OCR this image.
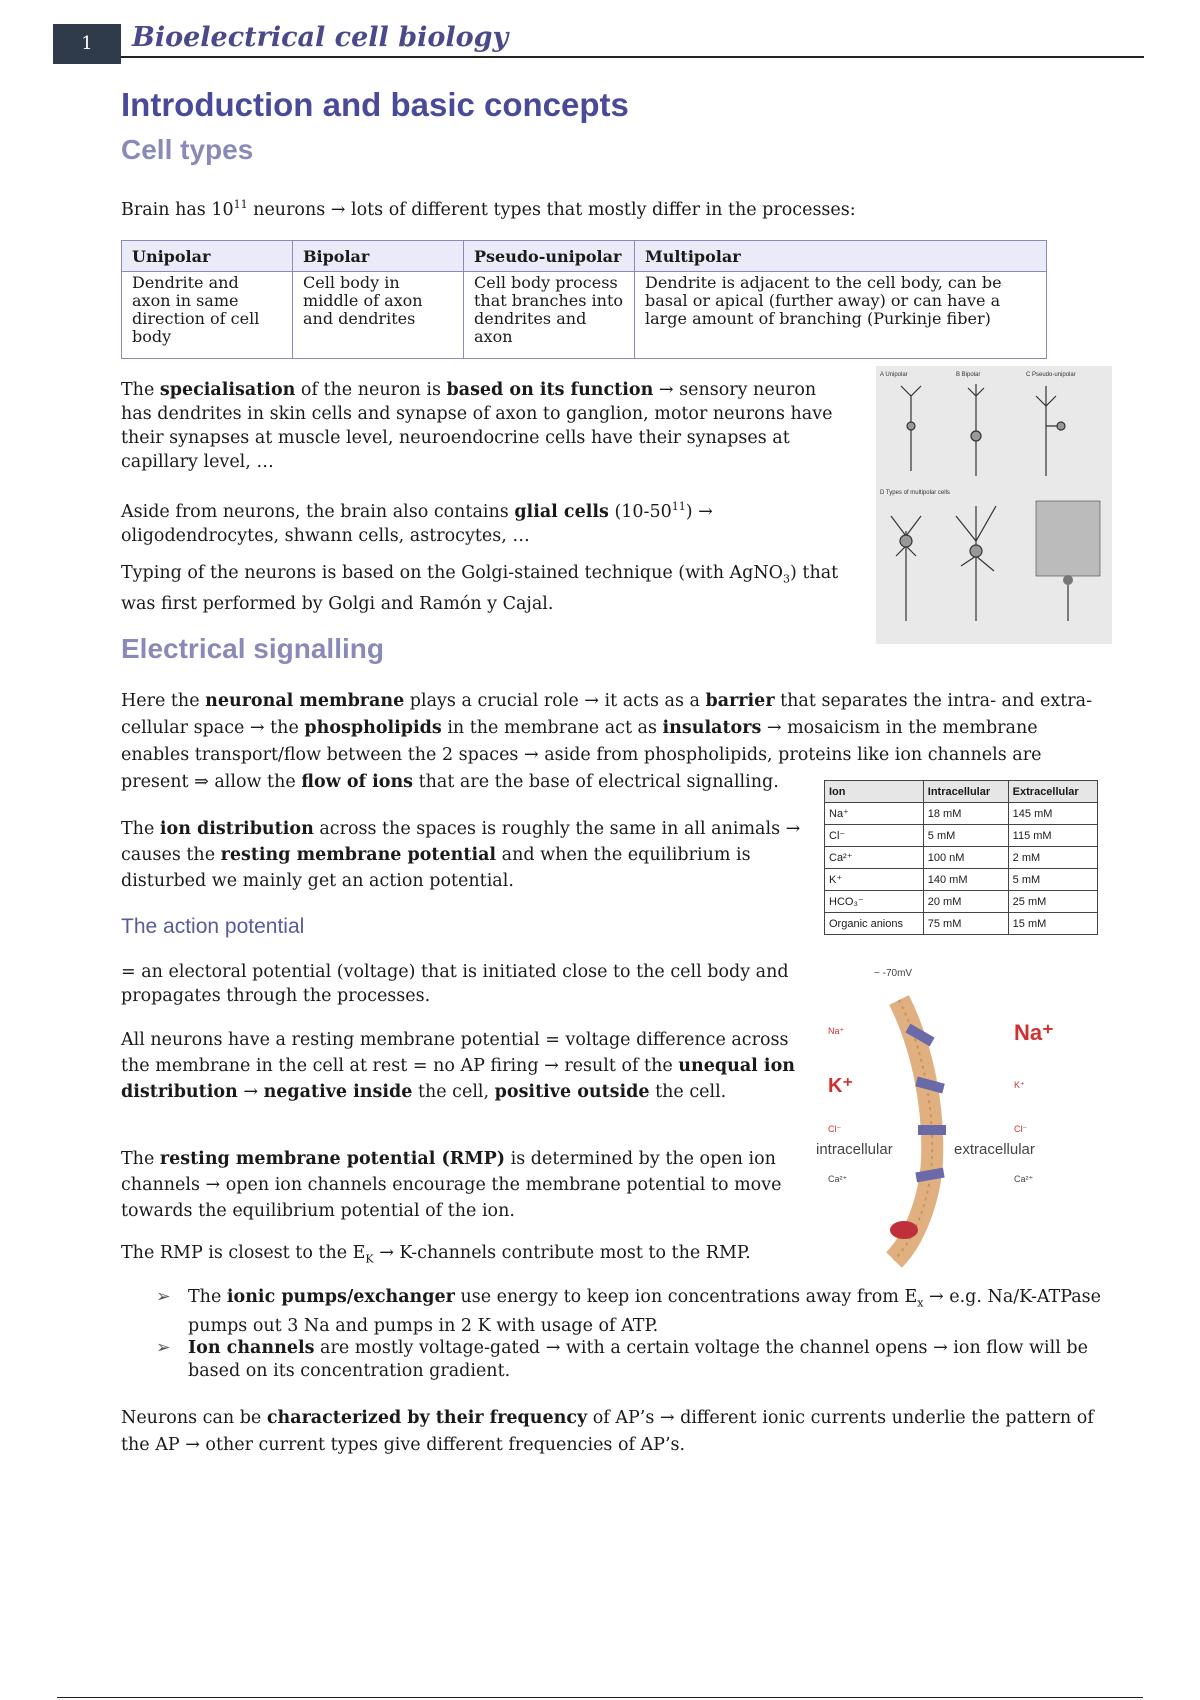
1	Bioelectrical cell biology
Introduction and basic concepts
Cell types

Brain has $10^{11}$ neurons → lots of different types that mostly differ in the processes:

Unipolar	Bipolar	Pseudo-unipolar	Multipolar
Dendrite and axon in same direction of cell body	Cell body in middle of axon and dendrites	Cell body process that branches into dendrites and axon	Dendrite is adjacent to the cell body, can be basal or apical (further away) or can have a large amount of branching (Purkinje fiber)

The specialisation of the neuron is based on its function → sensory neuron has dendrites in skin cells and synapse of axon to ganglion, motor neurons have their synapses at muscle level, neuroendocrine cells have their synapses at capillary level, …

Aside from neurons, the brain also contains glial cells $(10-50^{11})$ → oligodendrocytes, shwann cells, astrocytes, …

Typing of the neurons is based on the Golgi-stained technique (with AgNO$_3$) that was first performed by Golgi and Ramón y Cajal.

A Unipolar	B Bipolar	C Pseudo-unipolar
D Types of multipolar cells
Electrical signalling

Here the neuronal membrane plays a crucial role → it acts as a barrier that separates the intra- and extra-cellular space → the phospholipids in the membrane act as insulators → mosaicism in the membrane enables transport/flow between the 2 spaces → aside from phospholipids, proteins like ion channels are present ⇒ allow the flow of ions that are the base of electrical signalling.

The ion distribution across the spaces is roughly the same in all animals → causes the resting membrane potential and when the equilibrium is disturbed we mainly get an action potential.

Ion	Intracellular	Extracellular
Na⁺	18 mM	145 mM
Cl⁻	5 mM	115 mM
Ca²⁺	100 nM	2 mM
K⁺	140 mM	5 mM
HCO₃⁻	20 mM	25 mM
Organic anions	75 mM	15 mM
The action potential

= an electoral potential (voltage) that is initiated close to the cell body and propagates through the processes.

All neurons have a resting membrane potential = voltage difference across the membrane in the cell at rest = no AP firing → result of the unequal ion distribution → negative inside the cell, positive outside the cell.

The resting membrane potential (RMP) is determined by the open ion channels → open ion channels encourage the membrane potential to move towards the equilibrium potential of the ion.

The RMP is closest to the $E_K$ → K-channels contribute most to the RMP.

~ -70mV
Na⁺	Na⁺
K⁺	K⁺
Cl⁻	Cl⁻
intracellular	extracellular
Ca²⁺	Ca²⁺
➢ The ionic pumps/exchanger use energy to keep ion concentrations away from $E_x \to e.g$. Na/K-ATPase pumps out 3 Na and pumps in 2 K with usage of ATP.
➢ Ion channels are mostly voltage-gated → with a certain voltage the channel opens → ion flow will be based on its concentration gradient.

Neurons can be characterized by their frequency of AP’s → different ionic currents underlie the pattern of the AP → other current types give different frequencies of AP’s.
